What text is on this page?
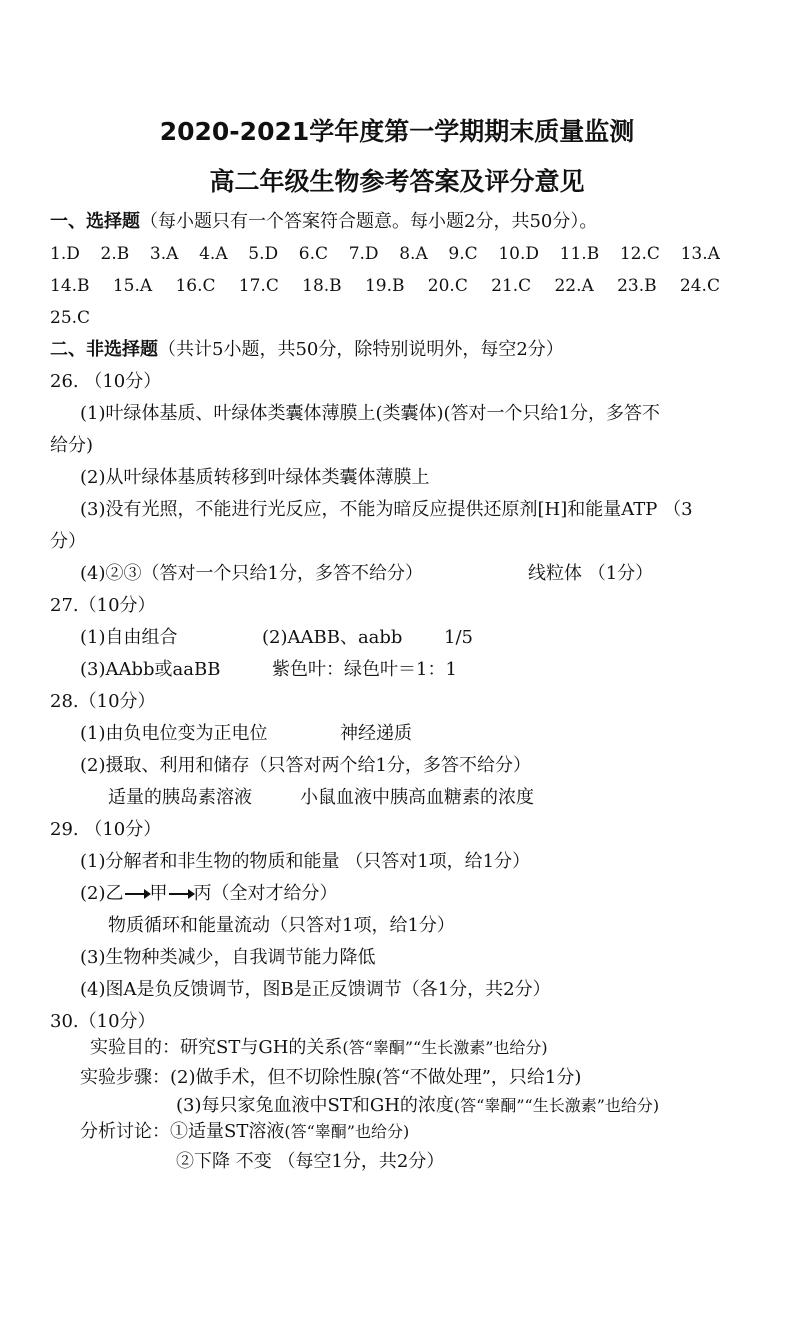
2020-2021学年度第一学期期末质量监测
高二年级生物参考答案及评分意见
一、选择题（每小题只有一个答案符合题意。每小题2分，共50分）。
1.D 2.B 3.A 4.A 5.D 6.C 7.D 8.A 9.C 10.D 11.B 12.C 13.A
14.B 15.A 16.C 17.C 18.B 19.B 20.C 21.C 22.A 23.B 24.C
25.C
二、非选择题（共计5小题，共50分，除特别说明外，每空2分）
26. （10分）
(1)叶绿体基质、叶绿体类囊体薄膜上(类囊体)(答对一个只给1分，多答不
给分)
(2)从叶绿体基质转移到叶绿体类囊体薄膜上
(3)没有光照，不能进行光反应，不能为暗反应提供还原剂[H]和能量ATP （3
分）
(4)②③（答对一个只给1分，多答不给分）	线粒体 （1分）
27.（10分）
(1)自由组合	(2)AABB、aabb 1/5
(3)AAbb或aaBB	紫色叶：绿色叶＝1：1
28.（10分）
(1)由负电位变为正电位	神经递质
(2)摄取、利用和储存（只答对两个给1分，多答不给分）
适量的胰岛素溶液	小鼠血液中胰高血糖素的浓度
29. （10分）
(1)分解者和非生物的物质和能量 （只答对1项，给1分）
(2)乙 甲 丙（全对才给分）
物质循环和能量流动（只答对1项，给1分）
(3)生物种类减少，自我调节能力降低
(4)图A是负反馈调节，图B是正反馈调节（各1分，共2分）
30.（10分）
实验目的：研究ST与GH的关系(答“睾酮”“生长激素”也给分)
实验步骤：(2)做手术，但不切除性腺(答“不做处理”，只给1分)
(3)每只家兔血液中ST和GH的浓度(答“睾酮”“生长激素”也给分)
分析讨论：①适量ST溶液(答“睾酮”也给分)
②下降 不变 （每空1分，共2分）
